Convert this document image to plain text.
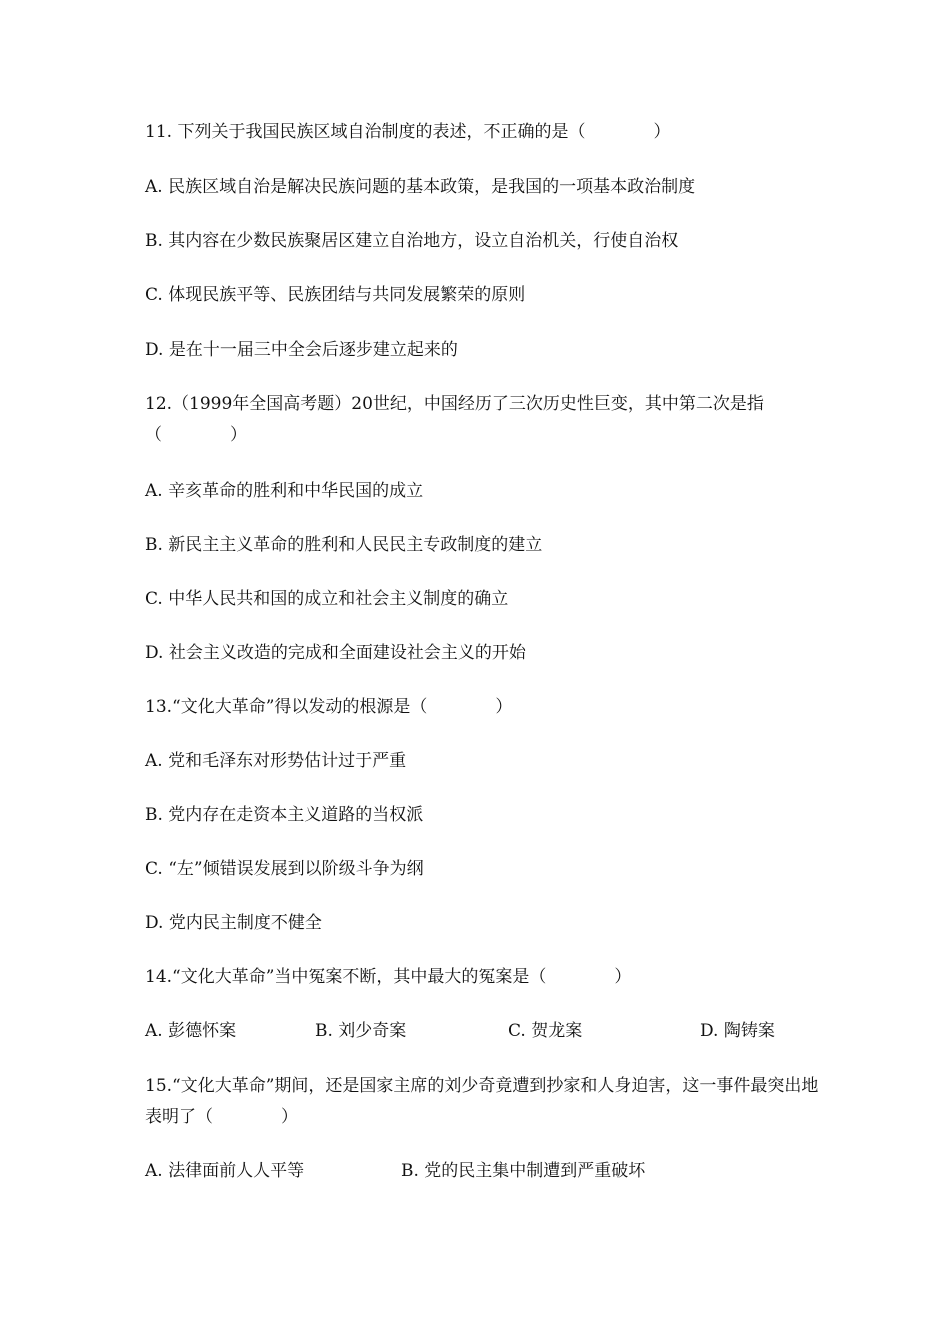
11. 下列关于我国民族区域自治制度的表述，不正确的是（　　　　）
A. 民族区域自治是解决民族问题的基本政策，是我国的一项基本政治制度
B. 其内容在少数民族聚居区建立自治地方，设立自治机关，行使自治权
C. 体现民族平等、民族团结与共同发展繁荣的原则
D. 是在十一届三中全会后逐步建立起来的
12.（1999年全国高考题）20世纪，中国经历了三次历史性巨变，其中第二次是指（　　　　）
A. 辛亥革命的胜利和中华民国的成立
B. 新民主主义革命的胜利和人民民主专政制度的建立
C. 中华人民共和国的成立和社会主义制度的确立
D. 社会主义改造的完成和全面建设社会主义的开始
13.“文化大革命”得以发动的根源是（　　　　）
A. 党和毛泽东对形势估计过于严重
B. 党内存在走资本主义道路的当权派
C. “左”倾错误发展到以阶级斗争为纲
D. 党内民主制度不健全
14.“文化大革命”当中冤案不断，其中最大的冤案是（　　　　）
A. 彭德怀案	B. 刘少奇案	C. 贺龙案	D. 陶铸案
15.“文化大革命”期间，还是国家主席的刘少奇竟遭到抄家和人身迫害，这一事件最突出地表明了（　　　　）
A. 法律面前人人平等	B. 党的民主集中制遭到严重破坏
